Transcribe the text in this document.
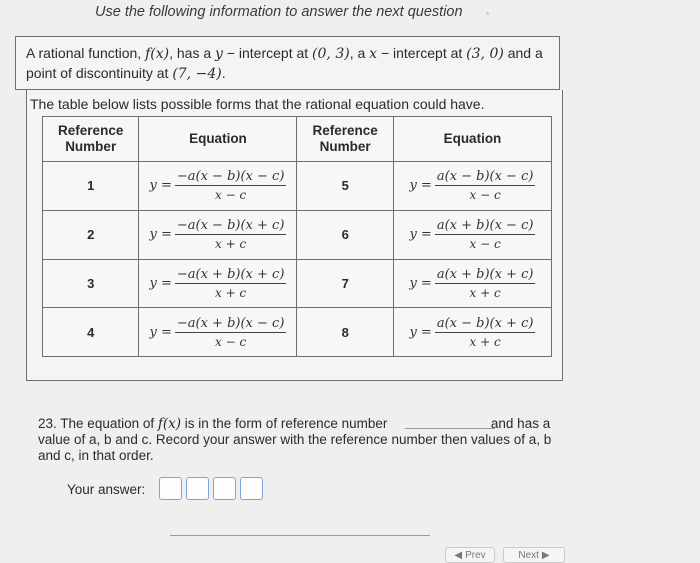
Use the following information to answer the next question
A rational function, f(x), has a y − intercept at (0, 3), a x − intercept at (3, 0) and a point of discontinuity at (7, −4).
The table below lists possible forms that the rational equation could have.
Reference Number	Equation	Reference Number	Equation
1	$y = \frac{-a(x - b)(x - c)}{x - c}$	5	$y = \frac{a(x - b)(x - c)}{x - c}$

2	$y = \frac{-a(x - b)(x + c)}{x + c}$	6	$y = \frac{a(x + b)(x - c)}{x - c}$

3	$y = \frac{-a(x + b)(x + c)}{x + c}$	7	$y = \frac{a(x + b)(x + c)}{x + c}$

4	$y = \frac{-a(x + b)(x - c)}{x - c}$	8	$y = \frac{a(x - b)(x + c)}{x + c}$
23. The equation of f(x) is in the form of reference number	and has a value of a, b and c. Record your answer with the reference number then values of a, b and c, in that order.
Your answer:
◀ Prev	Next ▶
